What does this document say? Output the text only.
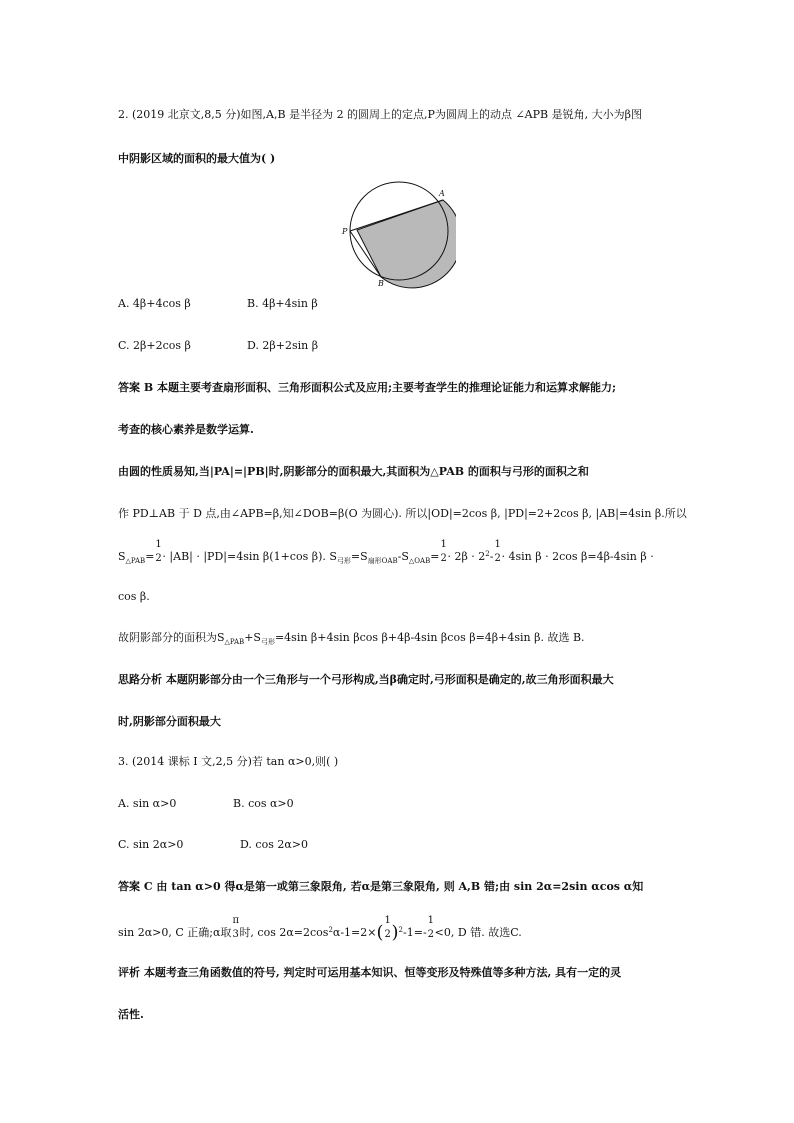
2. (2019 北京文,8,5 分)如图,A,B 是半径为 2 的圆周上的定点,P为圆周上的动点 ∠APB 是锐角, 大小为β图
中阴影区域的面积的最大值为( )
A
P
B
A. 4β+4cos β	B. 4β+4sin β
C. 2β+2cos β	D. 2β+2sin β
答案 B 本题主要考查扇形面积、三角形面积公式及应用;主要考查学生的推理论证能力和运算求解能力;
考查的核心素养是数学运算.
由圆的性质易知,当|PA|=|PB|时,阴影部分的面积最大,其面积为△PAB 的面积与弓形的面积之和
作 PD⊥AB 于 D 点,由∠APB=β,知∠DOB=β(O 为圆心). 所以|OD|=2cos β, |PD|=2+2cos β, |AB|=4sin β.所以
$S_{\triangle PAB}=$
1
2 · |AB| · |PD|=4sin β(1+cos β). $S_{弓形}=S_{扇形OAB}-S_{\triangle OAB}=$
1
$2 \cdot 2\beta \cdot 2^2-$
1
2 · 4sin β · 2cos β=4β-4sin β ·
cos β.
故阴影部分的面积为$S_{\triangle PAB}+S_{弓形}=4\sin$ β+4sin βcos β+4β-4sin βcos β=4β+4sin β. 故选 B.
思路分析 本题阴影部分由一个三角形与一个弓形构成,当β确定时,弓形面积是确定的,故三角形面积最大
时,阴影部分面积最大
3. (2014 课标 Ⅰ 文,2,5 分)若 tan α>0,则( )
A. sin α>0	B. cos α>0
C. sin 2α>0	D. cos 2α>0
答案 C 由 tan α>0 得α是第一或第三象限角, 若α是第三象限角, 则 A,B 错;由 sin 2α=2sin αcos α知
sin 2α>0, C 正确;α取
π
3 时, $\cos 2\alpha=2\cos^2\alpha-1=2\times$(
1
2 )$^2$-1=-
1
2 <0, D 错. 故选C.
评析 本题考查三角函数值的符号, 判定时可运用基本知识、恒等变形及特殊值等多种方法, 具有一定的灵
活性.
